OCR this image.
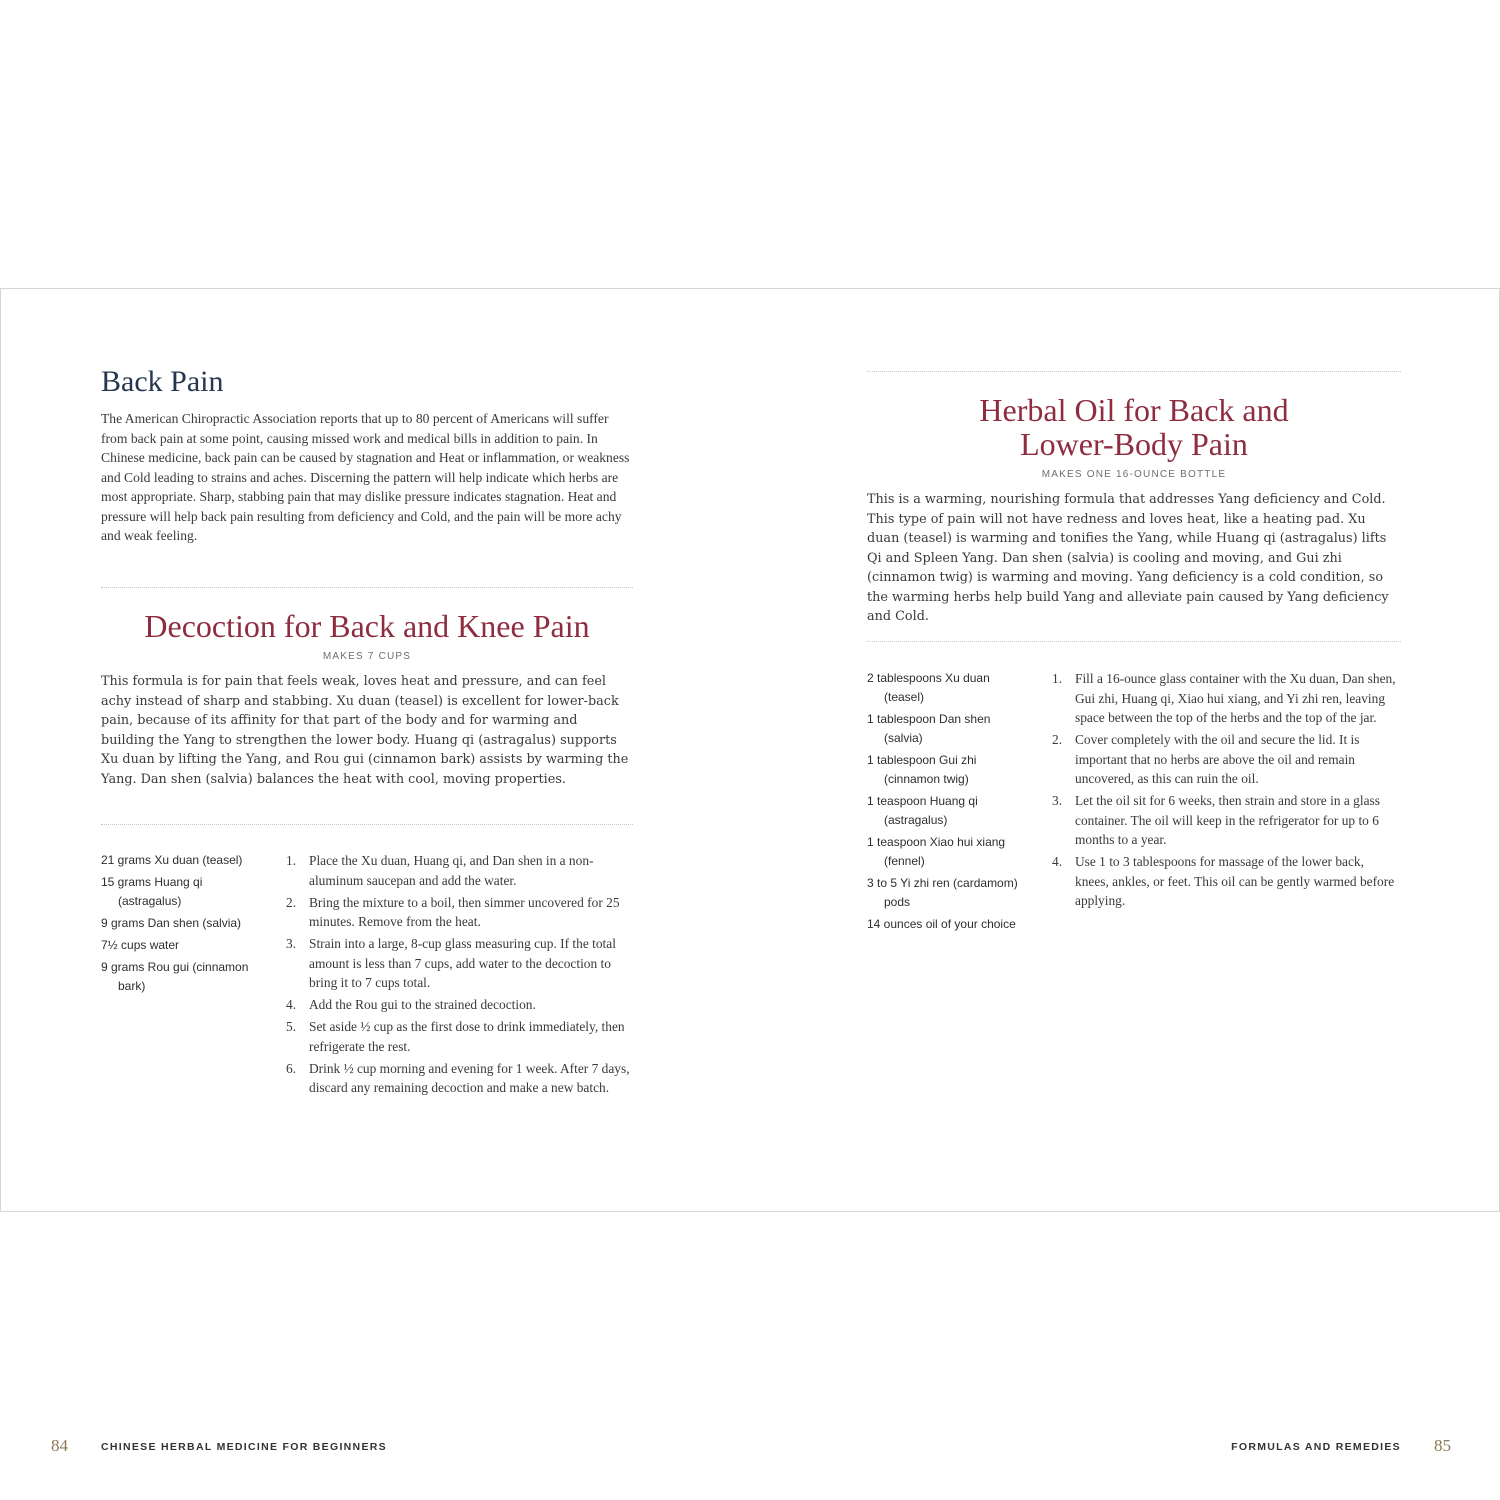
Back Pain

The American Chiropractic Association reports that up to 80 percent of Americans will suffer from back pain at some point, causing missed work and medical bills in addition to pain. In Chinese medicine, back pain can be caused by stagnation and Heat or inflammation, or weakness and Cold leading to strains and aches. Discerning the pattern will help indicate which herbs are most appropriate. Sharp, stabbing pain that may dislike pressure indicates stagnation. Heat and pressure will help back pain resulting from deficiency and Cold, and the pain will be more achy and weak feeling.

Decoction for Back and Knee Pain
MAKES 7 CUPS

This formula is for pain that feels weak, loves heat and pressure, and can feel achy instead of sharp and stabbing. Xu duan (teasel) is excellent for lower-back pain, because of its affinity for that part of the body and for warming and building the Yang to strengthen the lower body. Huang qi (astragalus) supports Xu duan by lifting the Yang, and Rou gui (cinnamon bark) assists by warming the Yang. Dan shen (salvia) balances the heat with cool, moving properties.

21 grams Xu duan (teasel)
15 grams Huang qi (astragalus)
9 grams Dan shen (salvia)
7½ cups water
9 grams Rou gui (cinnamon bark)
1. Place the Xu duan, Huang qi, and Dan shen in a non-aluminum saucepan and add the water.
2. Bring the mixture to a boil, then simmer uncovered for 25 minutes. Remove from the heat.
3. Strain into a large, 8-cup glass measuring cup. If the total amount is less than 7 cups, add water to the decoction to bring it to 7 cups total.
4. Add the Rou gui to the strained decoction.
5. Set aside ½ cup as the first dose to drink immediately, then refrigerate the rest.
6. Drink ½ cup morning and evening for 1 week. After 7 days, discard any remaining decoction and make a new batch.
Herbal Oil for Back and
Lower-Body Pain
MAKES ONE 16-OUNCE BOTTLE

This is a warming, nourishing formula that addresses Yang deficiency and Cold. This type of pain will not have redness and loves heat, like a heating pad. Xu duan (teasel) is warming and tonifies the Yang, while Huang qi (astragalus) lifts Qi and Spleen Yang. Dan shen (salvia) is cooling and moving, and Gui zhi (cinnamon twig) is warming and moving. Yang deficiency is a cold condition, so the warming herbs help build Yang and alleviate pain caused by Yang deficiency and Cold.

2 tablespoons Xu duan (teasel)
1 tablespoon Dan shen (salvia)
1 tablespoon Gui zhi (cinnamon twig)
1 teaspoon Huang qi (astragalus)
1 teaspoon Xiao hui xiang (fennel)
3 to 5 Yi zhi ren (cardamom) pods
14 ounces oil of your choice
1. Fill a 16-ounce glass container with the Xu duan, Dan shen, Gui zhi, Huang qi, Xiao hui xiang, and Yi zhi ren, leaving space between the top of the herbs and the top of the jar.
2. Cover completely with the oil and secure the lid. It is important that no herbs are above the oil and remain uncovered, as this can ruin the oil.
3. Let the oil sit for 6 weeks, then strain and store in a glass container. The oil will keep in the refrigerator for up to 6 months to a year.
4. Use 1 to 3 tablespoons for massage of the lower back, knees, ankles, or feet. This oil can be gently warmed before applying.
84	CHINESE HERBAL MEDICINE FOR BEGINNERS	FORMULAS AND REMEDIES 85
